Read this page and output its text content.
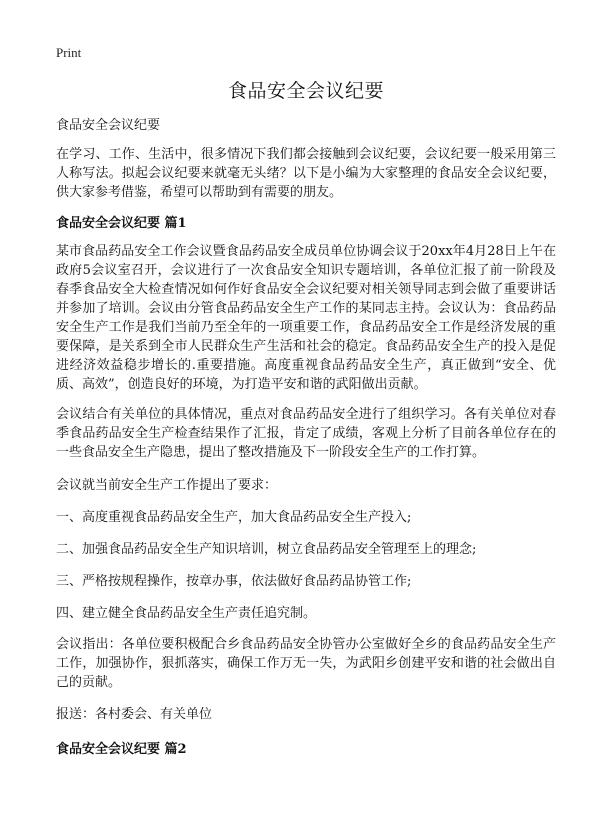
Print
食品安全会议纪要
食品安全会议纪要

在学习、工作、生活中，很多情况下我们都会接触到会议纪要，会议纪要一般采用第三人称写法。拟起会议纪要来就毫无头绪？以下是小编为大家整理的食品安全会议纪要，供大家参考借鉴，希望可以帮助到有需要的朋友。

食品安全会议纪要 篇1

某市食品药品安全工作会议暨食品药品安全成员单位协调会议于20xx年4月28日上午在政府5会议室召开，会议进行了一次食品安全知识专题培训，各单位汇报了前一阶段及春季食品安全大检查情况如何作好食品安全会议纪要对相关领导同志到会做了重要讲话并参加了培训。会议由分管食品药品安全生产工作的某同志主持。会议认为：食品药品安全生产工作是我们当前乃至全年的一项重要工作，食品药品安全工作是经济发展的重要保障，是关系到全市人民群众生产生活和社会的稳定。食品药品安全生产的投入是促进经济效益稳步增长的.重要措施。高度重视食品药品安全生产，真正做到“安全、优质、高效”，创造良好的环境，为打造平安和谐的武阳做出贡献。

会议结合有关单位的具体情况，重点对食品药品安全进行了组织学习。各有关单位对春季食品药品安全生产检查结果作了汇报，肯定了成绩，客观上分析了目前各单位存在的一些食品安全生产隐患，提出了整改措施及下一阶段安全生产的工作打算。

会议就当前安全生产工作提出了要求：

一、高度重视食品药品安全生产，加大食品药品安全生产投入;
二、加强食品药品安全生产知识培训，树立食品药品安全管理至上的理念;
三、严格按规程操作，按章办事，依法做好食品药品协管工作;
四、建立健全食品药品安全生产责任追究制。

会议指出：各单位要积极配合乡食品药品安全协管办公室做好全乡的食品药品安全生产工作，加强协作，狠抓落实，确保工作万无一失，为武阳乡创建平安和谐的社会做出自己的贡献。

报送：各村委会、有关单位

食品安全会议纪要 篇2
